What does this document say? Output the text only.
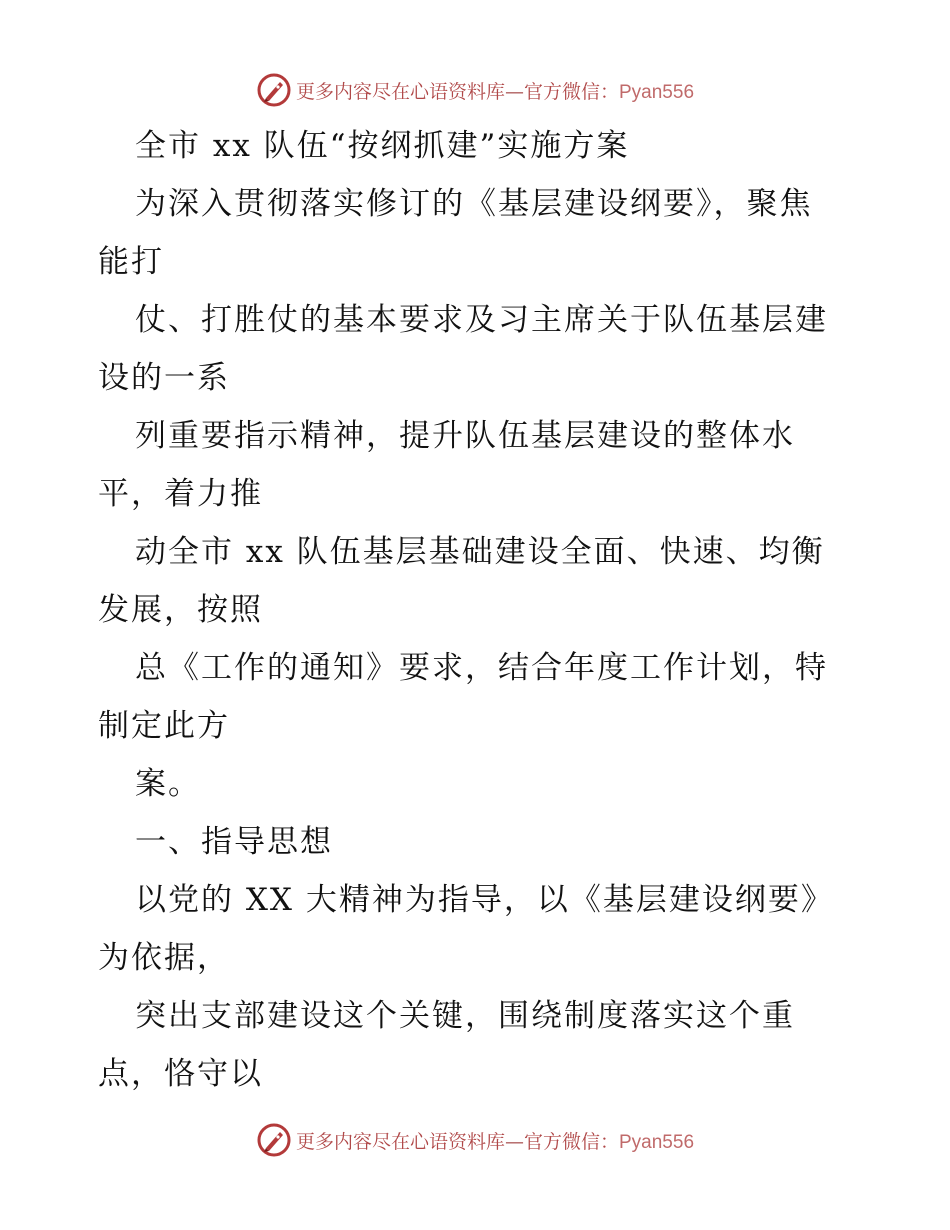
更多内容尽在心语资料库—官方微信：Pyan556
全市 xx 队伍“按纲抓建”实施方案
为深入贯彻落实修订的《基层建设纲要》，聚焦
能打
仗、打胜仗的基本要求及习主席关于队伍基层建
设的一系
列重要指示精神，提升队伍基层建设的整体水
平，着力推
动全市 xx 队伍基层基础建设全面、快速、均衡
发展，按照
总《工作的通知》要求，结合年度工作计划，特
制定此方
案。
一、指导思想
以党的 XX 大精神为指导，以《基层建设纲要》
为依据，
突出支部建设这个关键，围绕制度落实这个重
点，恪守以
更多内容尽在心语资料库—官方微信：Pyan556
